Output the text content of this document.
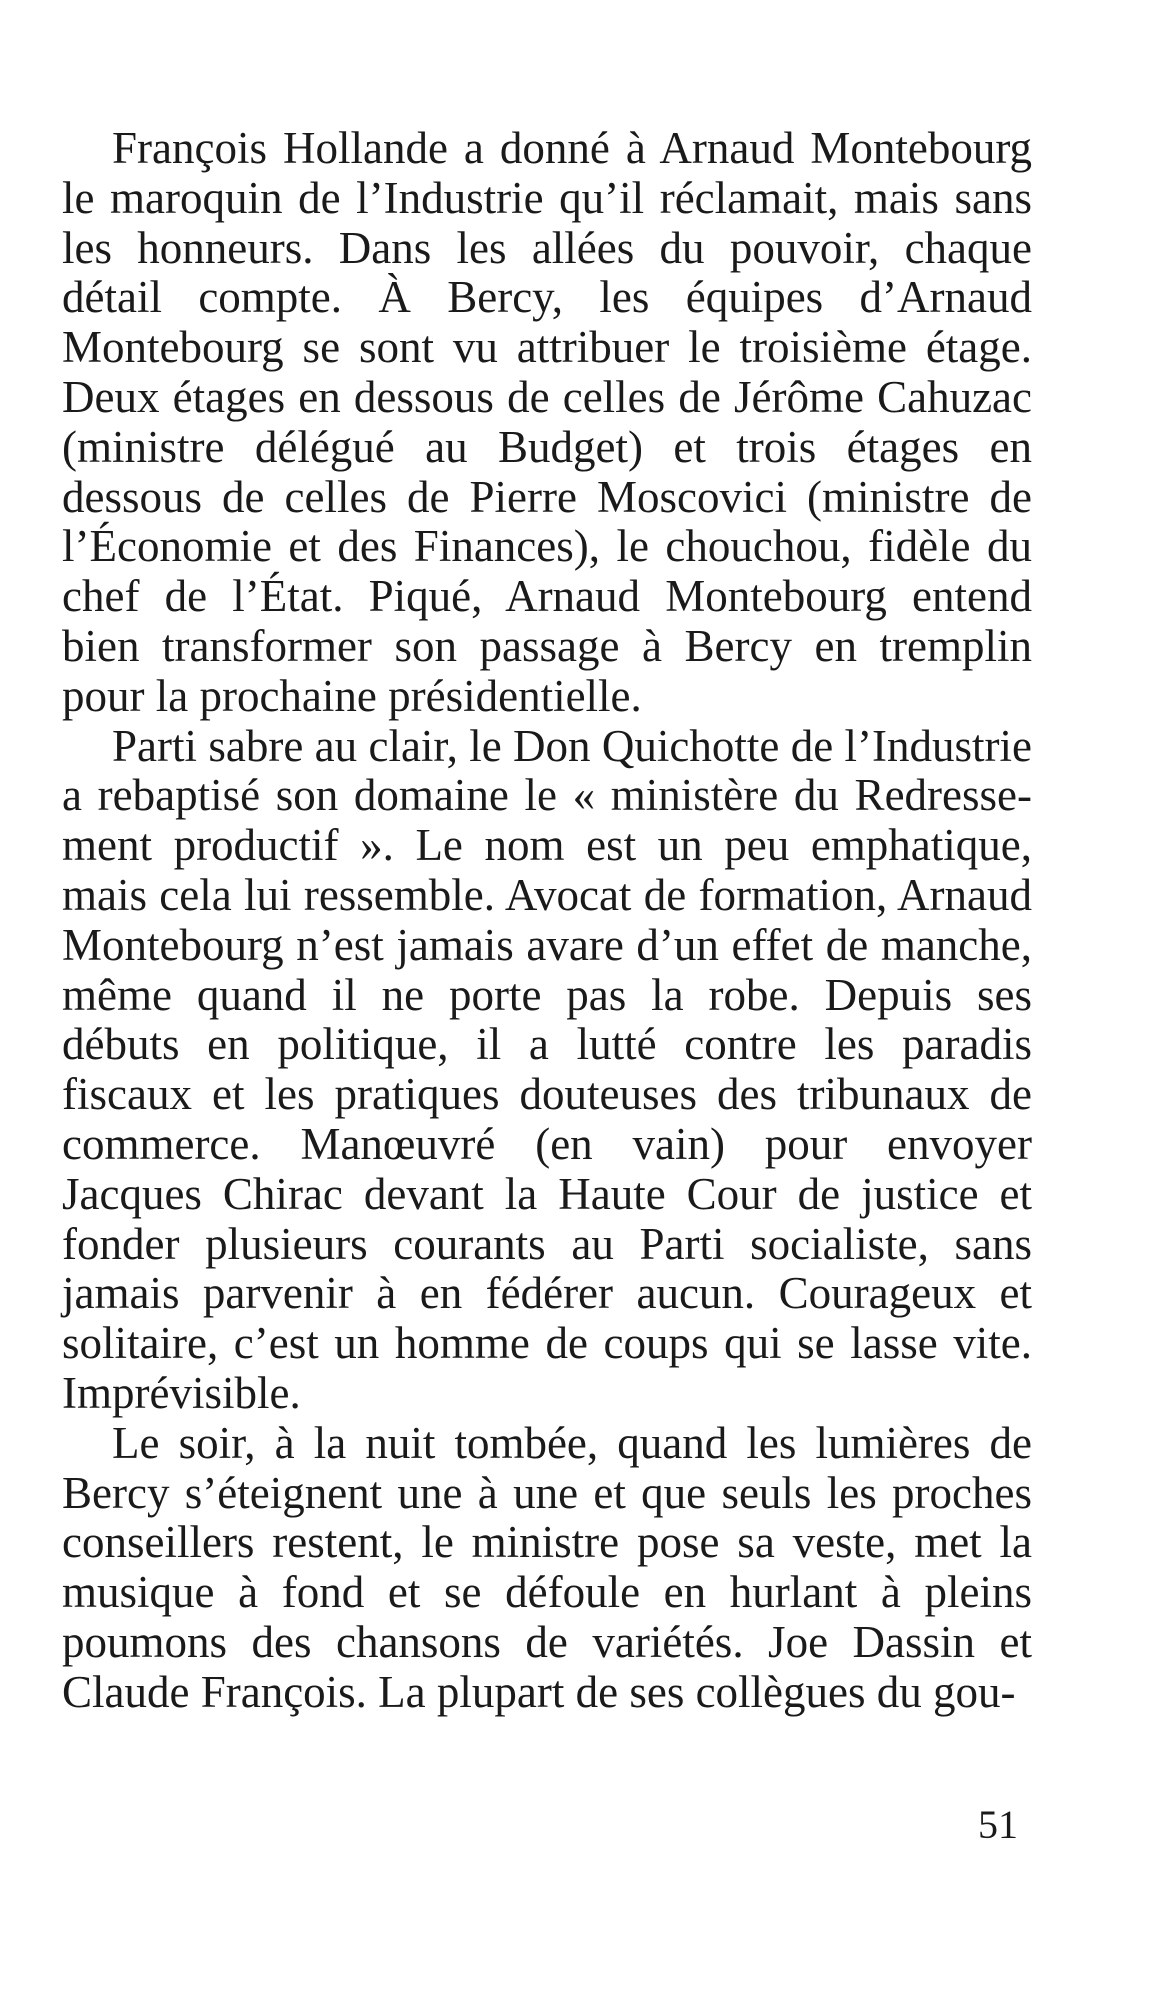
François Hollande a donné à Arnaud Montebourg le maroquin de l’Industrie qu’il réclamait, mais sans les honneurs. Dans les allées du pouvoir, chaque détail compte. À Bercy, les équipes d’Arnaud Montebourg se sont vu attribuer le troisième étage. Deux étages en dessous de celles de Jérôme Cahuzac (ministre délégué au Budget) et trois étages en dessous de celles de Pierre Moscovici (ministre de l’Économie et des Finances), le chouchou, fidèle du chef de l’État. Piqué, Arnaud Montebourg entend bien transformer son passage à Bercy en tremplin pour la prochaine présidentielle.

Parti sabre au clair, le Don Quichotte de l’Industrie a rebaptisé son domaine le « ministère du Redressement productif ». Le nom est un peu emphatique, mais cela lui ressemble. Avocat de formation, Arnaud Montebourg n’est jamais avare d’un effet de manche, même quand il ne porte pas la robe. Depuis ses débuts en politique, il a lutté contre les paradis fiscaux et les pratiques douteuses des tribunaux de commerce. Manœuvré (en vain) pour envoyer Jacques Chirac devant la Haute Cour de justice et fonder plusieurs courants au Parti socialiste, sans jamais parvenir à en fédérer aucun. Courageux et solitaire, c’est un homme de coups qui se lasse vite. Imprévisible.

Le soir, à la nuit tombée, quand les lumières de Bercy s’éteignent une à une et que seuls les proches conseillers restent, le ministre pose sa veste, met la musique à fond et se défoule en hurlant à pleins poumons des chansons de variétés. Joe Dassin et Claude François. La plupart de ses collègues du gou-

51
